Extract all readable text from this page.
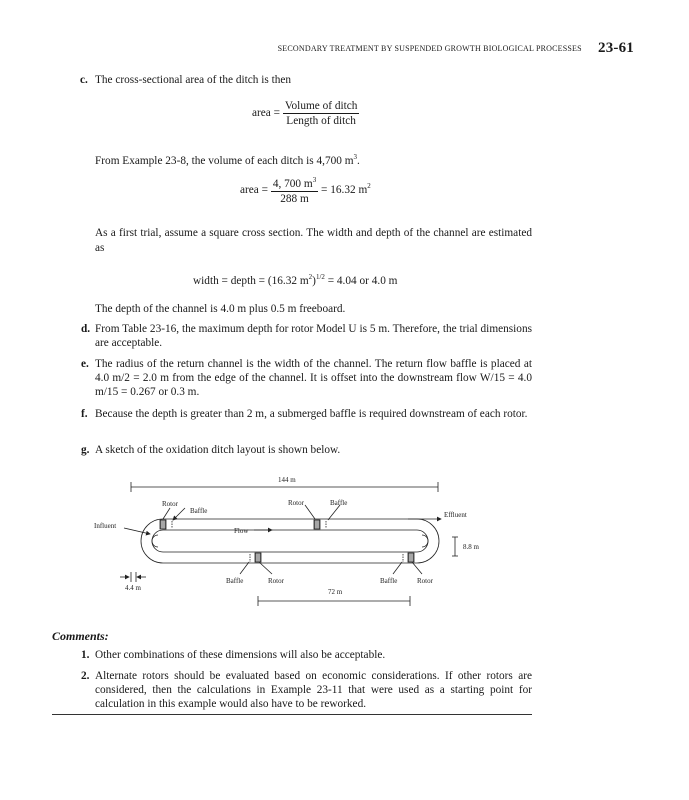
SECONDARY TREATMENT BY SUSPENDED GROWTH BIOLOGICAL PROCESSES 23-61
c. The cross-sectional area of the ditch is then
area = $\frac{\text{Volume of ditch}}{\text{Length of ditch}}$
From Example 23-8, the volume of each ditch is 4,700 $m^3$.
area = $\frac{4, 700 m^3}{288 m} = 16.32$ $m^2$
As a first trial, assume a square cross section. The width and depth of the channel are estimated as
width = depth = (16.32 $m^2)^{1/2} = 4.04$ or 4.0 m
The depth of the channel is 4.0 m plus 0.5 m freeboard.
d. From Table 23-16, the maximum depth for rotor Model U is 5 m. Therefore, the trial dimensions are acceptable.
e. The radius of the return channel is the width of the channel. The return flow baffle is placed at 4.0 m/2 = 2.0 m from the edge of the channel. It is offset into the downstream flow W/15 = 4.0 m/15 = 0.267 or 0.3 m.
f. Because the depth is greater than 2 m, a submerged baffle is required downstream of each rotor.
g. A sketch of the oxidation ditch layout is shown below.
144 m
Rotor
Baffle
Rotor	Baffle
Influent
Effluent
Flow
8.8 m
Baffle	Rotor	Baffle	Rotor
4.4 m	72 m
Comments:
1. Other combinations of these dimensions will also be acceptable.
2. Alternate rotors should be evaluated based on economic considerations. If other rotors are considered, then the calculations in Example 23-11 that were used as a starting point for calculation in this example would also have to be reworked.
